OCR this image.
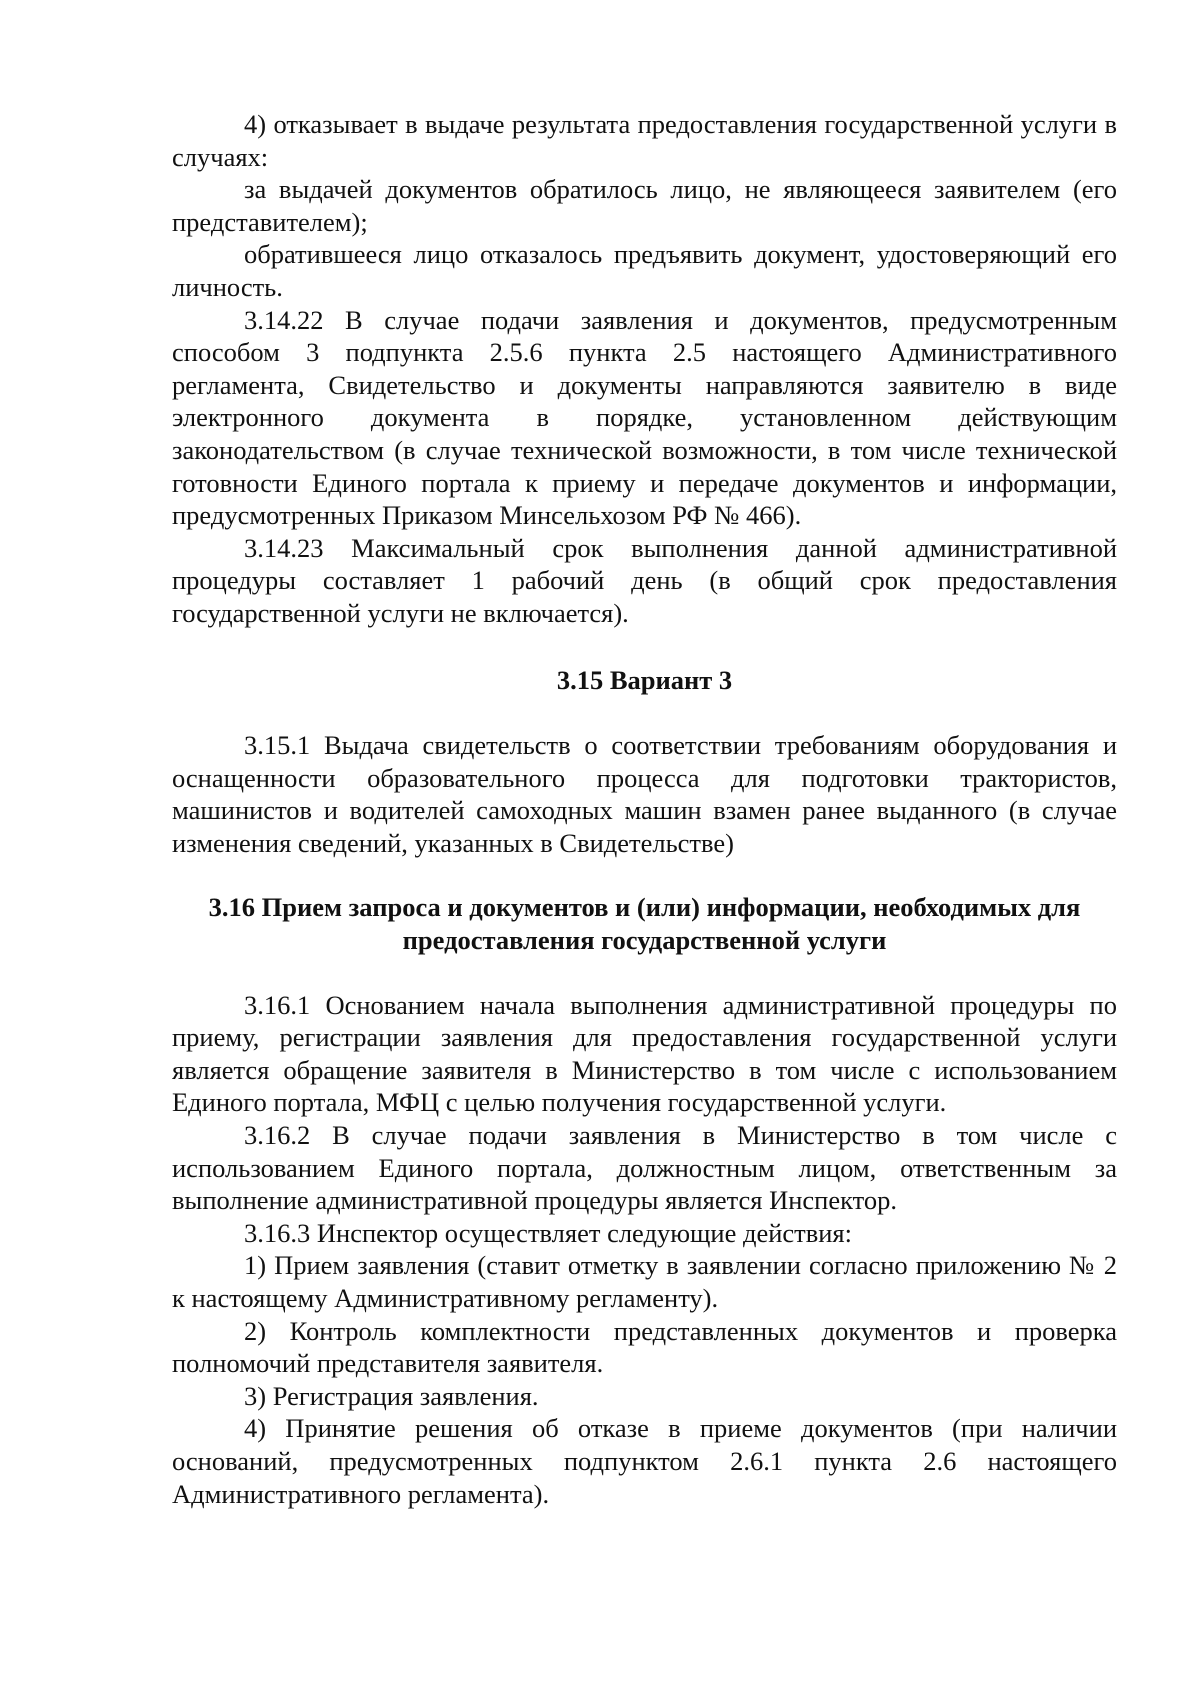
4) отказывает в выдаче результата предоставления государственной услуги в случаях:

за выдачей документов обратилось лицо, не являющееся заявителем (его представителем);

обратившееся лицо отказалось предъявить документ, удостоверяющий его личность.

3.14.22 В случае подачи заявления и документов, предусмотренным способом 3 подпункта 2.5.6 пункта 2.5 настоящего Административного регламента, Свидетельство и документы направляются заявителю в виде электронного документа в порядке, установленном действующим законодательством (в случае технической возможности, в том числе технической готовности Единого портала к приему и передаче документов и информации, предусмотренных Приказом Минсельхозом РФ № 466).

3.14.23 Максимальный срок выполнения данной административной процедуры составляет 1 рабочий день (в общий срок предоставления государственной услуги не включается).

3.15 Вариант 3

3.15.1 Выдача свидетельств о соответствии требованиям оборудования и оснащенности образовательного процесса для подготовки трактористов, машинистов и водителей самоходных машин взамен ранее выданного (в случае изменения сведений, указанных в Свидетельстве)

3.16 Прием запроса и документов и (или) информации, необходимых для предоставления государственной услуги

3.16.1 Основанием начала выполнения административной процедуры по приему, регистрации заявления для предоставления государственной услуги является обращение заявителя в Министерство в том числе с использованием Единого портала, МФЦ с целью получения государственной услуги.

3.16.2 В случае подачи заявления в Министерство в том числе с использованием Единого портала, должностным лицом, ответственным за выполнение административной процедуры является Инспектор.

3.16.3 Инспектор осуществляет следующие действия:

1) Прием заявления (ставит отметку в заявлении согласно приложению № 2 к настоящему Административному регламенту).

2) Контроль комплектности представленных документов и проверка полномочий представителя заявителя.

3) Регистрация заявления.

4) Принятие решения об отказе в приеме документов (при наличии оснований, предусмотренных подпунктом 2.6.1 пункта 2.6 настоящего Административного регламента).
